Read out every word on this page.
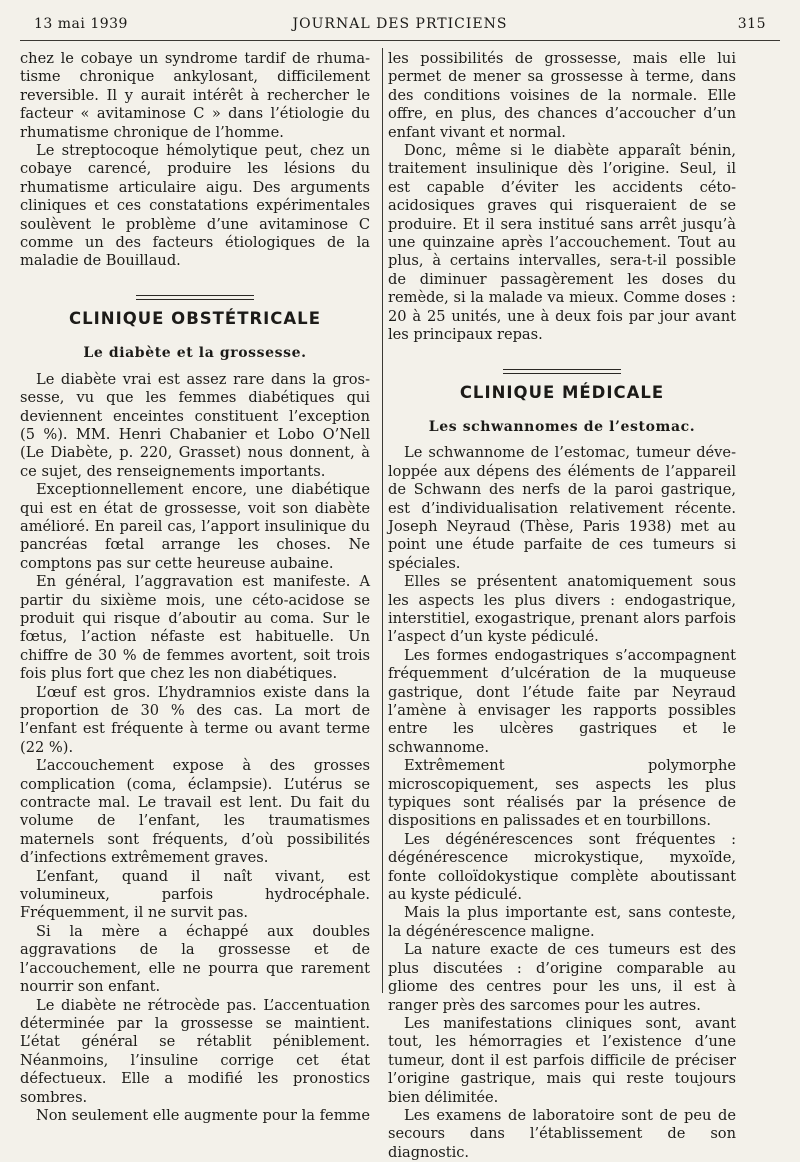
13 mai 1939	JOURNAL DES PRTICIENS	315

chez le cobaye un syndrome tardif de rhumatisme chronique ankylosant, difficilement reversible. Il y aurait intérêt à rechercher le facteur « avitaminose C » dans l’étiologie du rhumatisme chronique de l’homme.

Le streptocoque hémolytique peut, chez un cobaye carencé, produire les lésions du rhumatisme articulaire aigu. Des arguments cliniques et ces constatations expérimentales soulèvent le problème d’une avitaminose C comme un des facteurs étiologiques de la maladie de Bouillaud.

CLINIQUE OBSTÉTRICALE
Le diabète et la grossesse.

Le diabète vrai est assez rare dans la grossesse, vu que les femmes diabétiques qui deviennent enceintes constituent l’exception (5 %). MM. Henri Chabanier et Lobo O’Nell (Le Diabète, p. 220, Grasset) nous donnent, à ce sujet, des renseignements importants.

Exceptionnellement encore, une diabétique qui est en état de grossesse, voit son diabète amélioré. En pareil cas, l’apport insulinique du pancréas fœtal arrange les choses. Ne comptons pas sur cette heureuse aubaine.

En général, l’aggravation est manifeste. A partir du sixième mois, une céto-acidose se produit qui risque d’aboutir au coma. Sur le fœtus, l’action néfaste est habituelle. Un chiffre de 30 % de femmes avortent, soit trois fois plus fort que chez les non diabétiques.

L’œuf est gros. L’hydramnios existe dans la proportion de 30 % des cas. La mort de l’enfant est fréquente à terme ou avant terme (22 %).

L’accouchement expose à des grosses complication (coma, éclampsie). L’utérus se contracte mal. Le travail est lent. Du fait du volume de l’enfant, les traumatismes maternels sont fréquents, d’où possibilités d’infections extrêmement graves.

L’enfant, quand il naît vivant, est volumineux, parfois hydrocéphale. Fréquemment, il ne survit pas.

Si la mère a échappé aux doubles aggravations de la grossesse et de l’accouchement, elle ne pourra que rarement nourrir son enfant.

Le diabète ne rétrocède pas. L’accentuation déterminée par la grossesse se maintient. L’état général se rétablit péniblement. Néanmoins, l’insuline corrige cet état défectueux. Elle a modifié les pronostics sombres.

Non seulement elle augmente pour la femme

les possibilités de grossesse, mais elle lui permet de mener sa grossesse à terme, dans des conditions voisines de la normale. Elle offre, en plus, des chances d’accoucher d’un enfant vivant et normal.

Donc, même si le diabète apparaît bénin, traitement insulinique dès l’origine. Seul, il est capable d’éviter les accidents céto-acidosiques graves qui risqueraient de se produire. Et il sera institué sans arrêt jusqu’à une quinzaine après l’accouchement. Tout au plus, à certains intervalles, sera-t-il possible de diminuer passagèrement les doses du remède, si la malade va mieux. Comme doses : 20 à 25 unités, une à deux fois par jour avant les principaux repas.

CLINIQUE MÉDICALE
Les schwannomes de l’estomac.

Le schwannome de l’estomac, tumeur développée aux dépens des éléments de l’appareil de Schwann des nerfs de la paroi gastrique, est d’individualisation relativement récente. Joseph Neyraud (Thèse, Paris 1938) met au point une étude parfaite de ces tumeurs si spéciales.

Elles se présentent anatomiquement sous les aspects les plus divers : endogastrique, interstitiel, exogastrique, prenant alors parfois l’aspect d’un kyste pédiculé.

Les formes endogastriques s’accompagnent fréquemment d’ulcération de la muqueuse gastrique, dont l’étude faite par Neyraud l’amène à envisager les rapports possibles entre les ulcères gastriques et le schwannome.

Extrêmement polymorphe microscopiquement, ses aspects les plus typiques sont réalisés par la présence de dispositions en palissades et en tourbillons.

Les dégénérescences sont fréquentes : dégénérescence microkystique, myxoïde, fonte colloïdokystique complète aboutissant au kyste pédiculé.

Mais la plus importante est, sans conteste, la dégénérescence maligne.

La nature exacte de ces tumeurs est des plus discutées : d’origine comparable au gliome des centres pour les uns, il est à ranger près des sarcomes pour les autres.

Les manifestations cliniques sont, avant tout, les hémorragies et l’existence d’une tumeur, dont il est parfois difficile de préciser l’origine gastrique, mais qui reste toujours bien délimitée.

Les examens de laboratoire sont de peu de secours dans l’établissement de son diagnostic.
